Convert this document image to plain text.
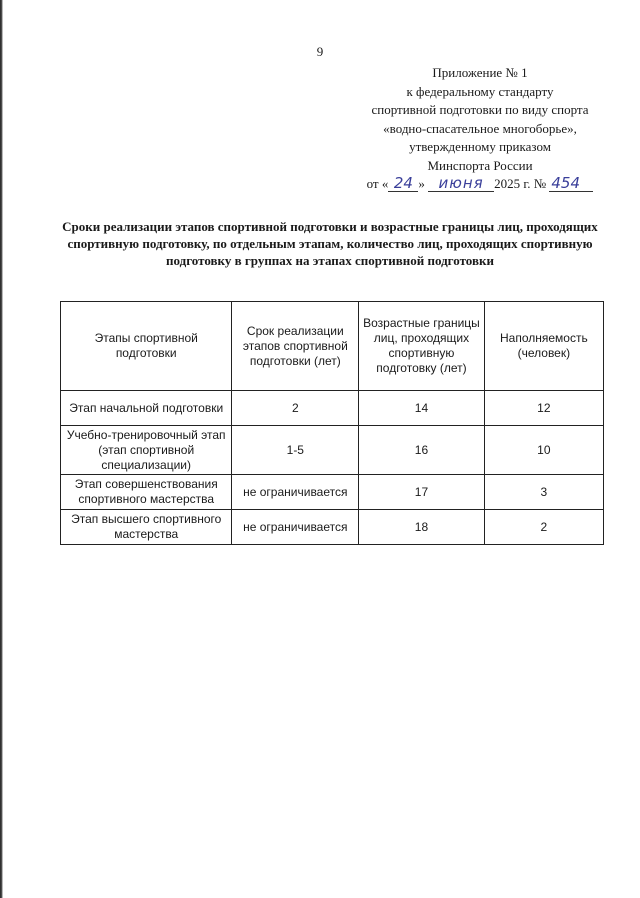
9
Приложение № 1
к федеральному стандарту
спортивной подготовки по виду спорта
«водно-спасательное многоборье»,
утвержденному приказом
Минспорта России
от « 24 » июня 2025 г. № 454
Сроки реализации этапов спортивной подготовки и возрастные границы лиц, проходящих спортивную подготовку, по отдельным этапам, количество лиц, проходящих спортивную подготовку в группах на этапах спортивной подготовки
Этапы спортивной подготовки	Срок реализации этапов спортивной подготовки (лет)	Возрастные границы лиц, проходящих спортивную подготовку (лет)	Наполняемость (человек)
Этап начальной подготовки	2	14	12
Учебно-тренировочный этап (этап спортивной специализации)	1-5	16	10
Этап совершенствования спортивного мастерства	не ограничивается	17	3
Этап высшего спортивного мастерства	не ограничивается	18	2
